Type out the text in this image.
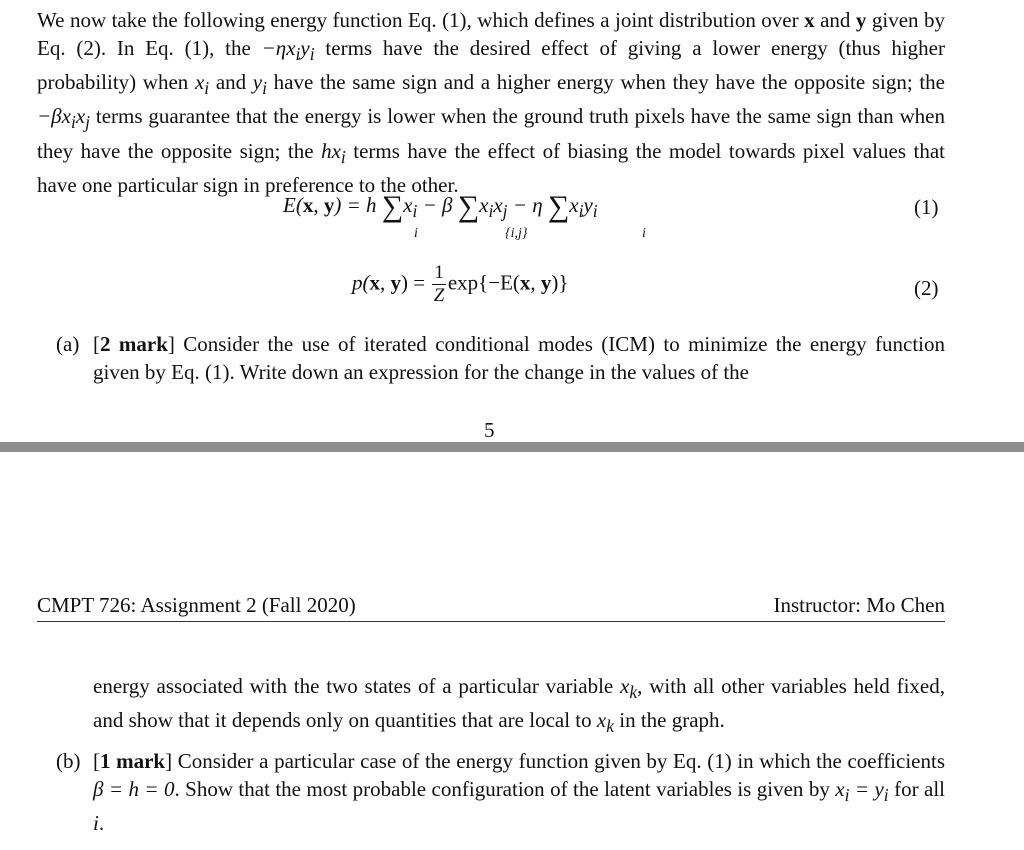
We now take the following energy function Eq. (1), which defines a joint distribution over x and y given by Eq. (2). In Eq. (1), the $-\eta x_iy_i$ terms have the desired effect of giving a lower energy (thus higher probability) when $x_i$ and $y_i$ have the same sign and a higher energy when they have the opposite sign; the $-\beta x_ix_j$ terms guarantee that the energy is lower when the ground truth pixels have the same sign than when they have the opposite sign; the $hx_i$ terms have the effect of biasing the model towards pixel values that have one particular sign in preference to the other.

E(x, y) = h $\sum x_i - \beta$ $\sum x_ix_j - \eta$ $\sum x_iy_i$
i	{i,j}	i
(1)
p(x, $y) = \frac{1}{Z} \exp\{-E(x$, y)}	(2)
(a) [2 mark] Consider the use of iterated conditional modes (ICM) to minimize the energy function given by Eq. (1). Write down an expression for the change in the values of the
5
CMPT 726: Assignment 2 (Fall 2020)	Instructor: Mo Chen
energy associated with the two states of a particular variable $x_k$, with all other variables held fixed, and show that it depends only on quantities that are local to $x_k$ in the graph.
(b) [1 mark] Consider a particular case of the energy function given by Eq. (1) in which the coefficients β = h = 0. Show that the most probable configuration of the latent variables is given by $x_i = y_i$ for all i.
